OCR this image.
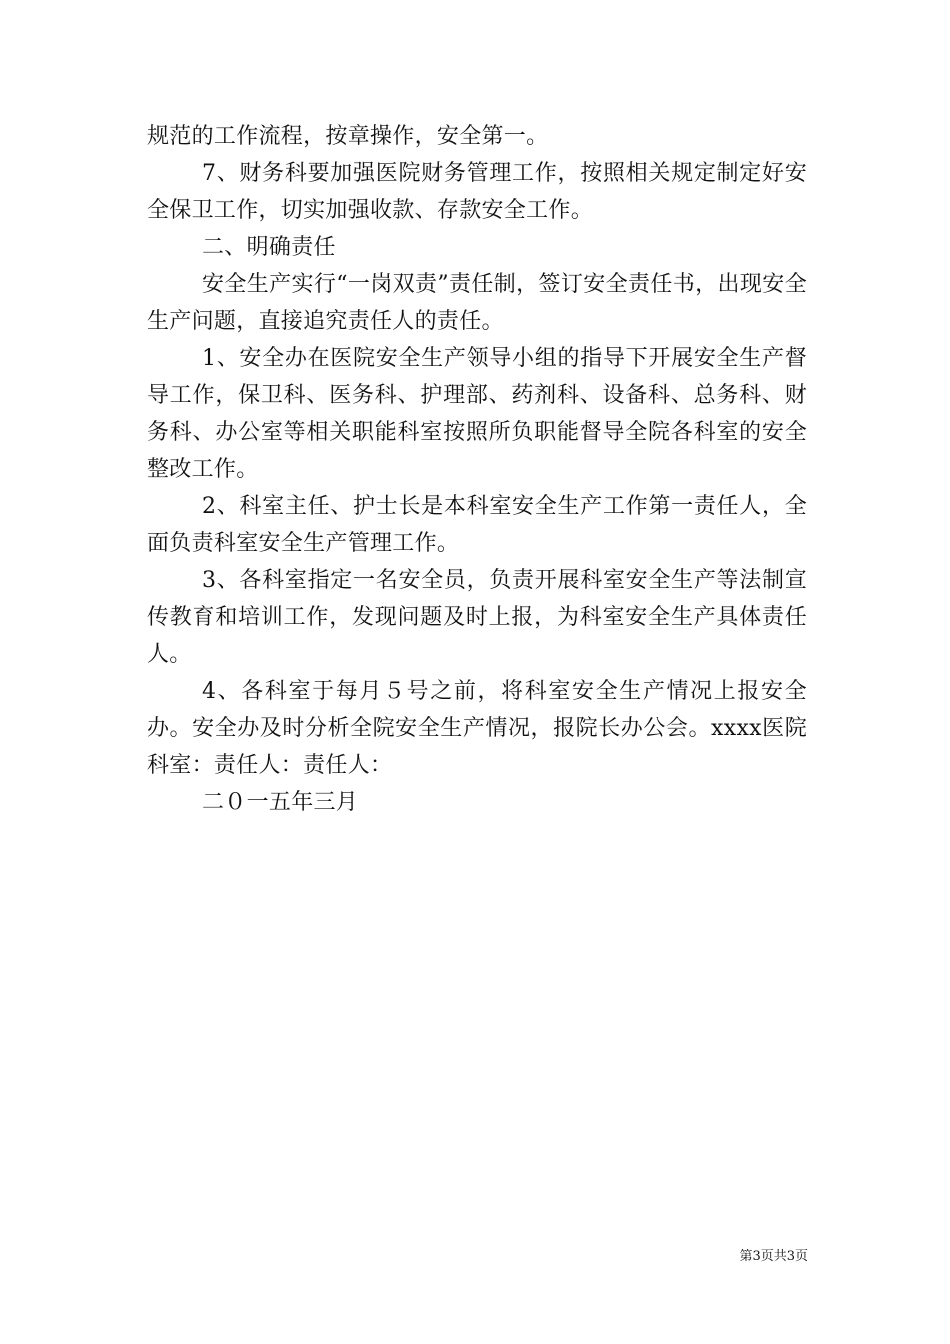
规范的工作流程，按章操作，安全第一。

7、财务科要加强医院财务管理工作，按照相关规定制定好安全保卫工作，切实加强收款、存款安全工作。

二、明确责任

安全生产实行“一岗双责”责任制，签订安全责任书，出现安全生产问题，直接追究责任人的责任。

1、安全办在医院安全生产领导小组的指导下开展安全生产督导工作，保卫科、医务科、护理部、药剂科、设备科、总务科、财务科、办公室等相关职能科室按照所负职能督导全院各科室的安全整改工作。

2、科室主任、护士长是本科室安全生产工作第一责任人，全面负责科室安全生产管理工作。

3、各科室指定一名安全员，负责开展科室安全生产等法制宣传教育和培训工作，发现问题及时上报，为科室安全生产具体责任人。

4、各科室于每月５号之前，将科室安全生产情况上报安全办。安全办及时分析全院安全生产情况，报院长办公会。xxxx医院科室：责任人：责任人：

二０一五年三月

第3页共3页
